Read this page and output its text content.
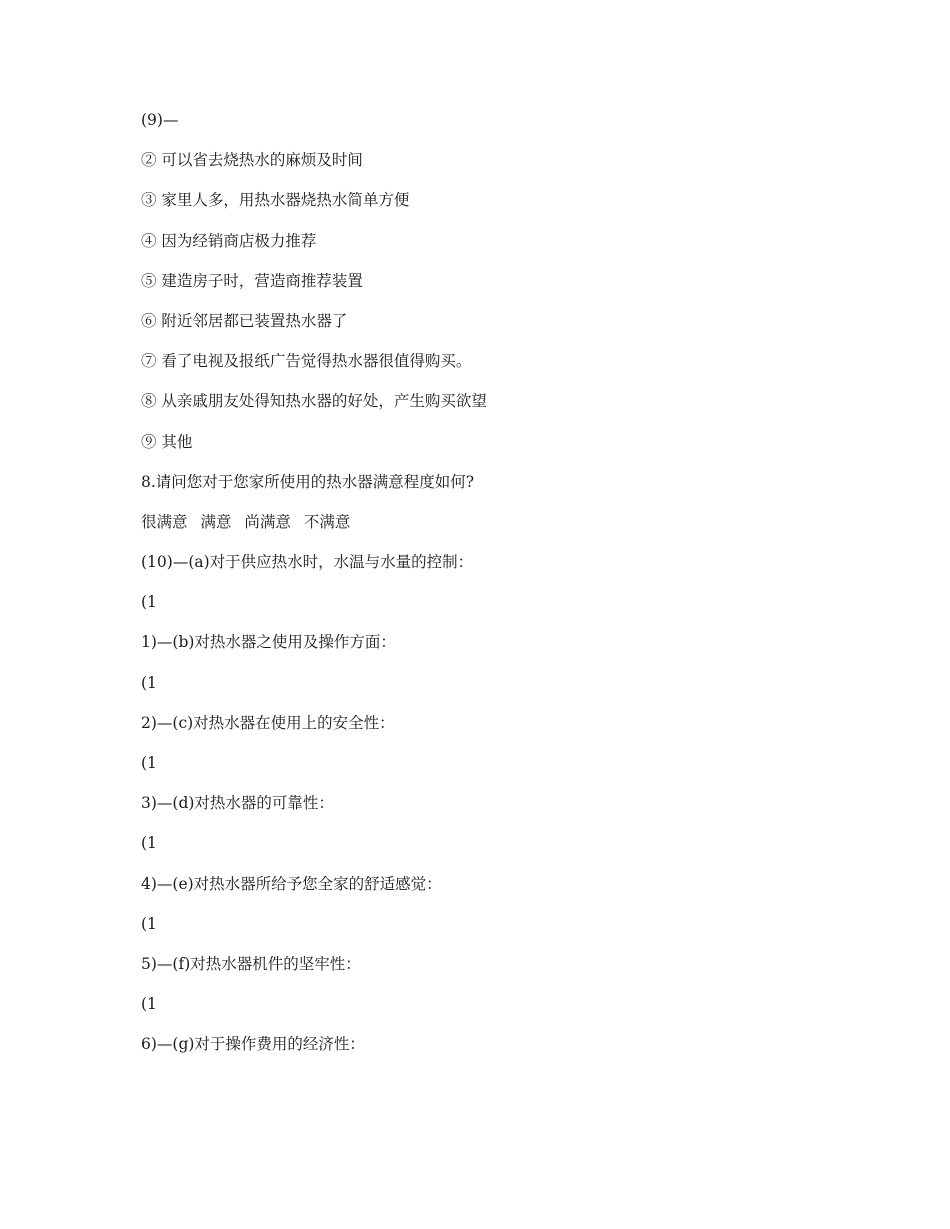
(9)—
② 可以省去烧热水的麻烦及时间
③ 家里人多，用热水器烧热水简单方便
④ 因为经销商店极力推荐
⑤ 建造房子时，营造商推荐装置
⑥ 附近邻居都已装置热水器了
⑦ 看了电视及报纸广告觉得热水器很值得购买。
⑧ 从亲戚朋友处得知热水器的好处，产生购买欲望
⑨ 其他
8.请问您对于您家所使用的热水器满意程度如何?
很满意 满意 尚满意 不满意
(10)—(a)对于供应热水时，水温与水量的控制：
(1
1)—(b)对热水器之使用及操作方面：
(1
2)—(c)对热水器在使用上的安全性：
(1
3)—(d)对热水器的可靠性：
(1
4)—(e)对热水器所给予您全家的舒适感觉：
(1
5)—(f)对热水器机件的坚牢性：
(1
6)—(g)对于操作费用的经济性：
